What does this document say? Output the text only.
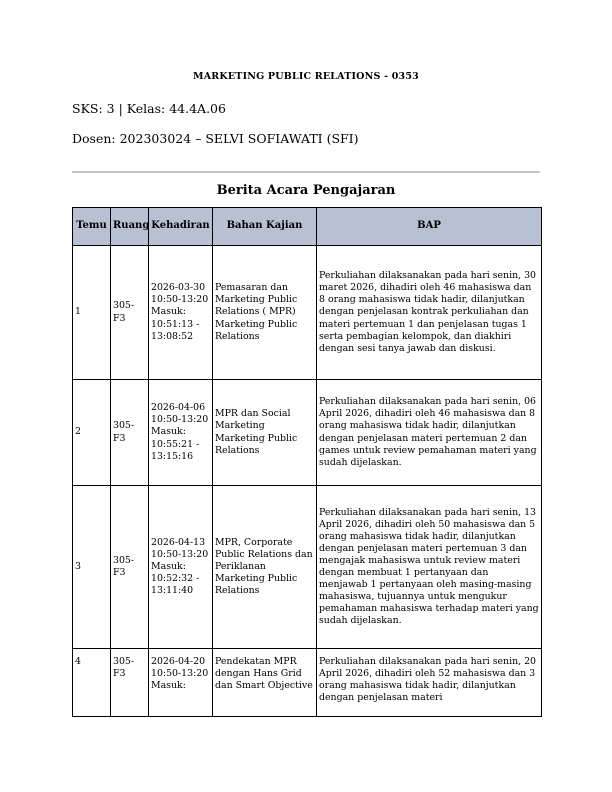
MARKETING PUBLIC RELATIONS - 0353
SKS: 3 | Kelas: 44.4A.06
Dosen: 202303024 – SELVI SOFIAWATI (SFI)
Berita Acara Pengajaran
Temu	Ruang	Kehadiran	Bahan Kajian	BAP
1	305-F3	2026-03-30 10:50-13:20 Masuk: 10:51:13 - 13:08:52	Pemasaran dan Marketing Public Relations ( MPR) Marketing Public Relations	Perkuliahan dilaksanakan pada hari senin, 30 maret 2026, dihadiri oleh 46 mahasiswa dan 8 orang mahasiswa tidak hadir, dilanjutkan dengan penjelasan kontrak perkuliahan dan materi pertemuan 1 dan penjelasan tugas 1 serta pembagian kelompok, dan diakhiri dengan sesi tanya jawab dan diskusi.
2	305-F3	2026-04-06 10:50-13:20 Masuk: 10:55:21 - 13:15:16	MPR dan Social Marketing Marketing Public Relations	Perkuliahan dilaksanakan pada hari senin, 06 April 2026, dihadiri oleh 46 mahasiswa dan 8 orang mahasiswa tidak hadir, dilanjutkan dengan penjelasan materi pertemuan 2 dan games untuk review pemahaman materi yang sudah dijelaskan.
3	305-F3	2026-04-13 10:50-13:20 Masuk: 10:52:32 - 13:11:40	MPR, Corporate Public Relations dan Periklanan Marketing Public Relations	Perkuliahan dilaksanakan pada hari senin, 13 April 2026, dihadiri oleh 50 mahasiswa dan 5 orang mahasiswa tidak hadir, dilanjutkan dengan penjelasan materi pertemuan 3 dan mengajak mahasiswa untuk review materi dengan membuat 1 pertanyaan dan menjawab 1 pertanyaan oleh masing-masing mahasiswa, tujuannya untuk mengukur pemahaman mahasiswa terhadap materi yang sudah dijelaskan.
4	305-F3	2026-04-20 10:50-13:20 Masuk:	Pendekatan MPR dengan Hans Grid dan Smart Objective	Perkuliahan dilaksanakan pada hari senin, 20 April 2026, dihadiri oleh 52 mahasiswa dan 3 orang mahasiswa tidak hadir, dilanjutkan dengan penjelasan materi
